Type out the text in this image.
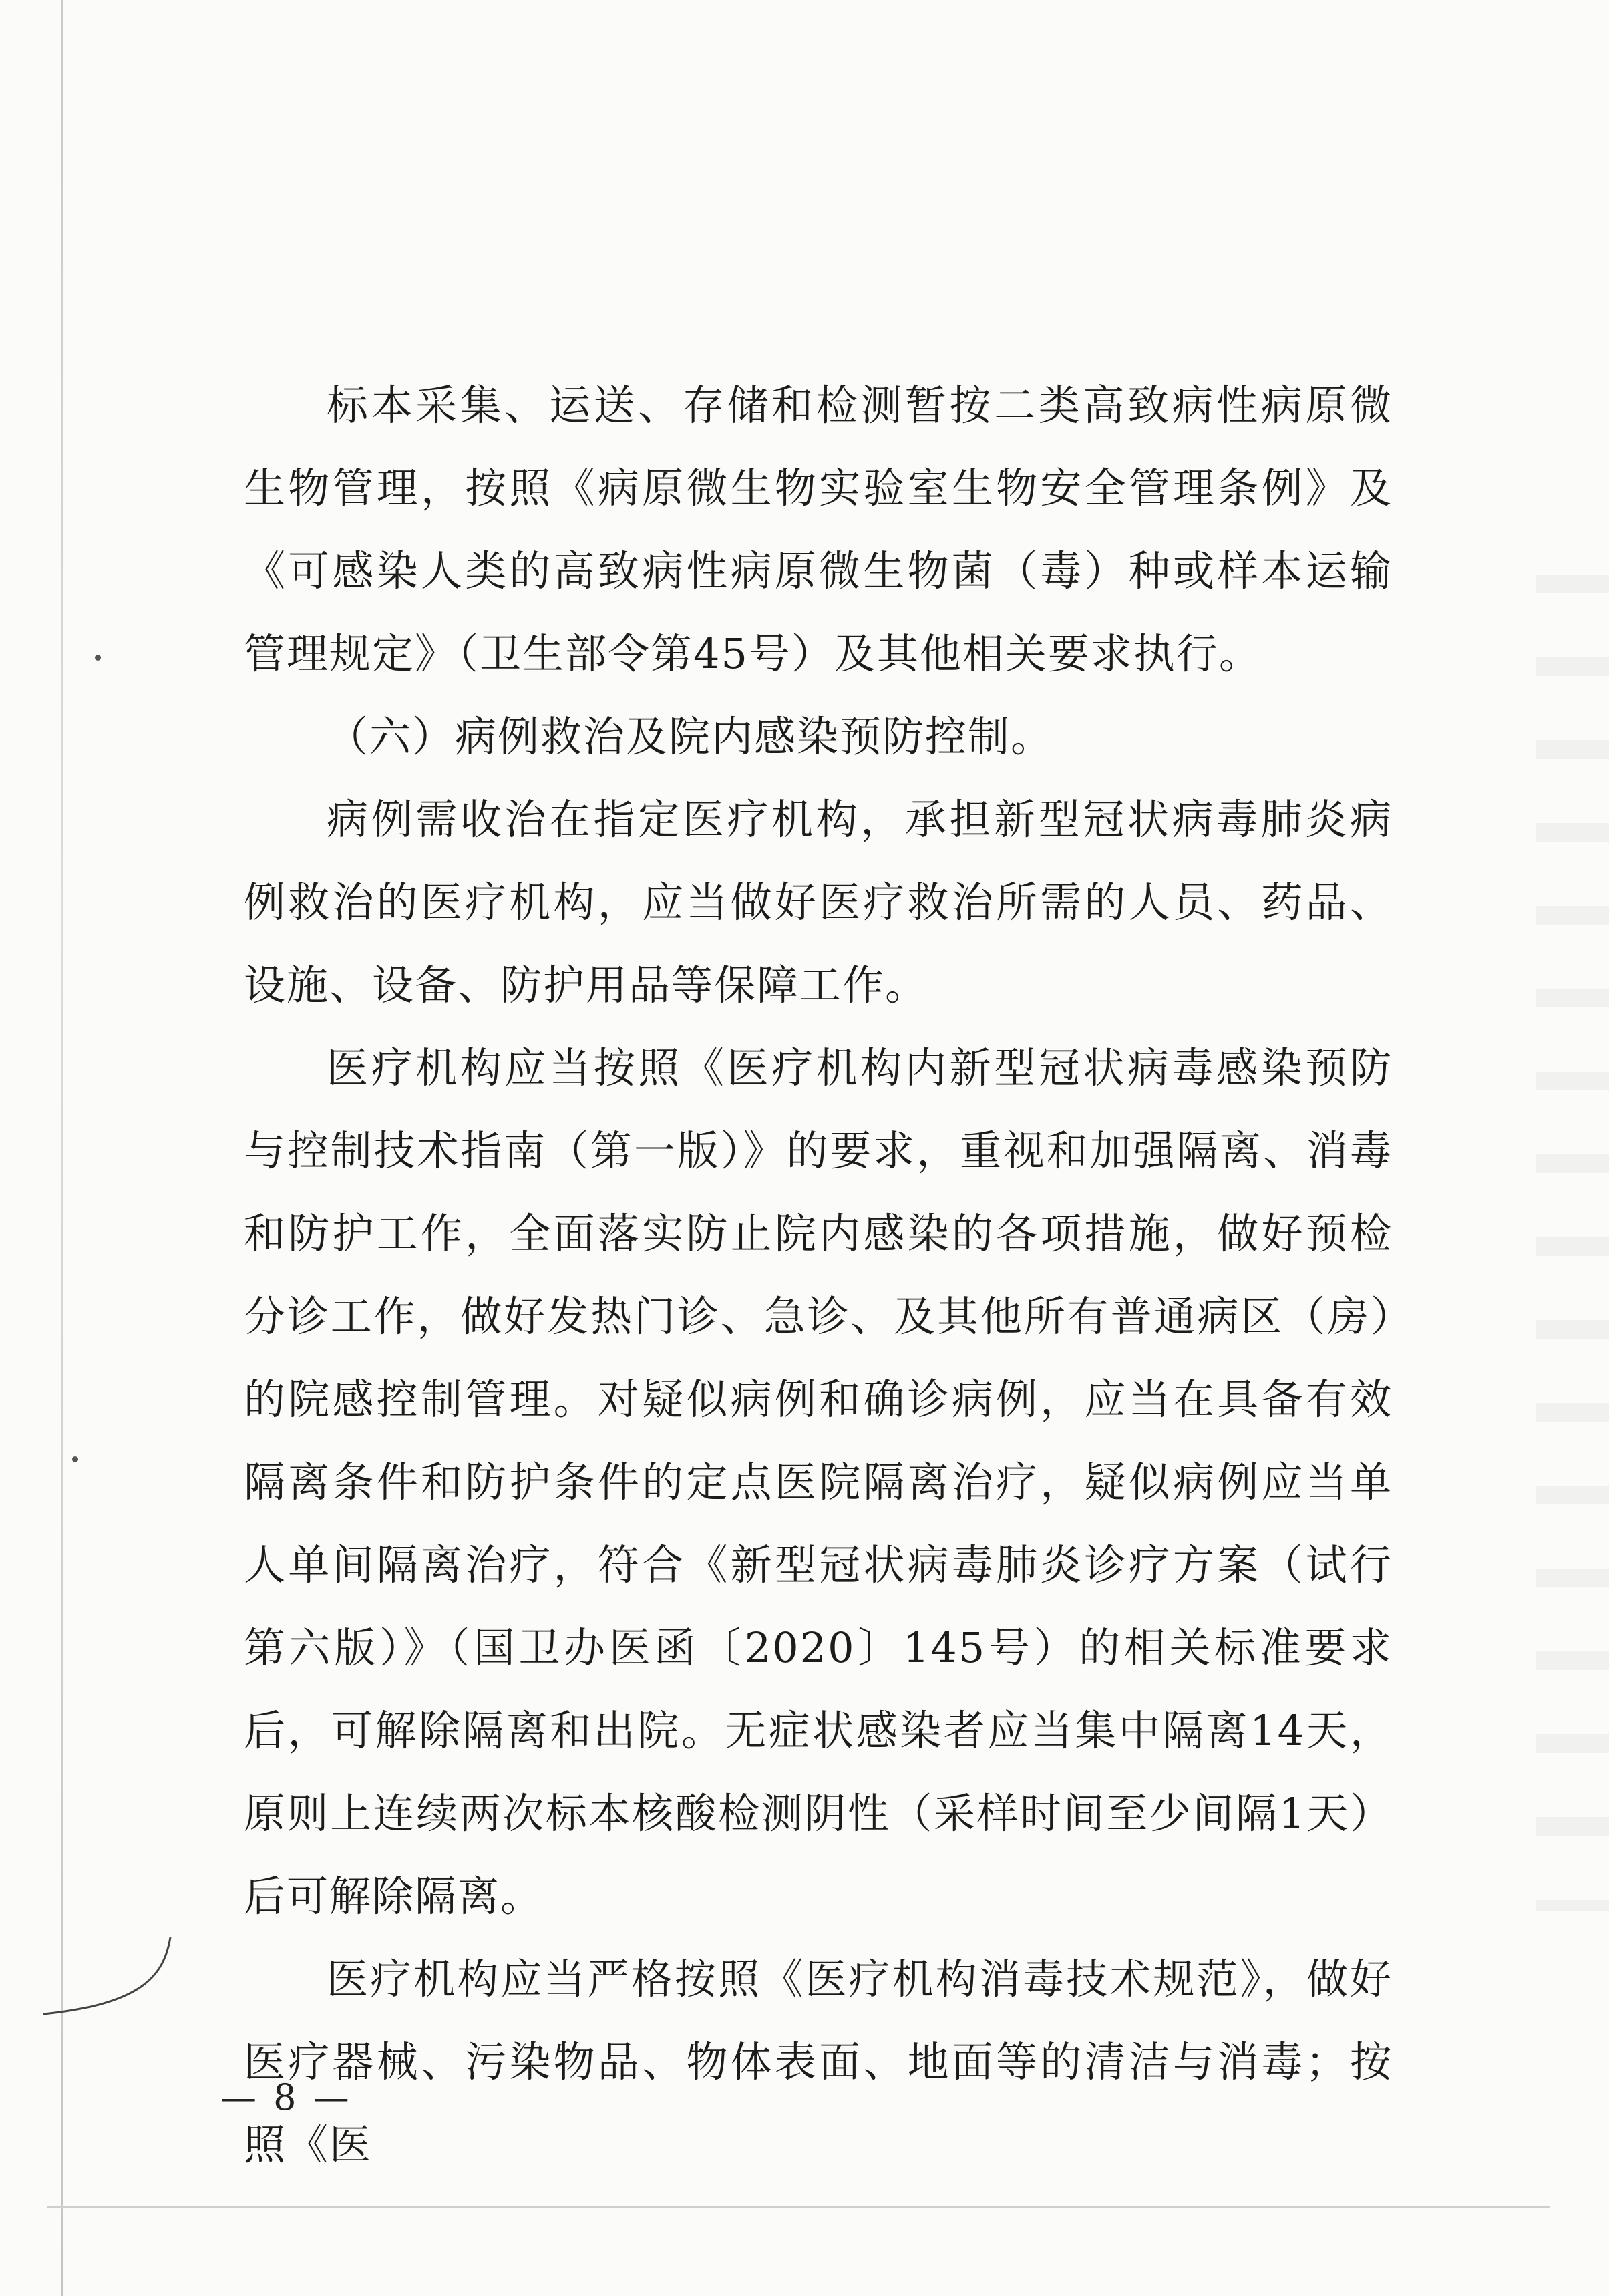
标本采集、运送、存储和检测暂按二类高致病性病原微生物管理，按照《病原微生物实验室生物安全管理条例》及《可感染人类的高致病性病原微生物菌（毒）种或样本运输管理规定》（卫生部令第45号）及其他相关要求执行。

（六）病例救治及院内感染预防控制。

病例需收治在指定医疗机构，承担新型冠状病毒肺炎病例救治的医疗机构，应当做好医疗救治所需的人员、药品、设施、设备、防护用品等保障工作。

医疗机构应当按照《医疗机构内新型冠状病毒感染预防与控制技术指南（第一版）》的要求，重视和加强隔离、消毒和防护工作，全面落实防止院内感染的各项措施，做好预检分诊工作，做好发热门诊、急诊、及其他所有普通病区（房）的院感控制管理。对疑似病例和确诊病例，应当在具备有效隔离条件和防护条件的定点医院隔离治疗，疑似病例应当单人单间隔离治疗，符合《新型冠状病毒肺炎诊疗方案（试行第六版）》（国卫办医函〔2020〕145号）的相关标准要求后，可解除隔离和出院。无症状感染者应当集中隔离14天，原则上连续两次标本核酸检测阴性（采样时间至少间隔1天）后可解除隔离。

医疗机构应当严格按照《医疗机构消毒技术规范》，做好医疗器械、污染物品、物体表面、地面等的清洁与消毒；按照《医

— 8 —
